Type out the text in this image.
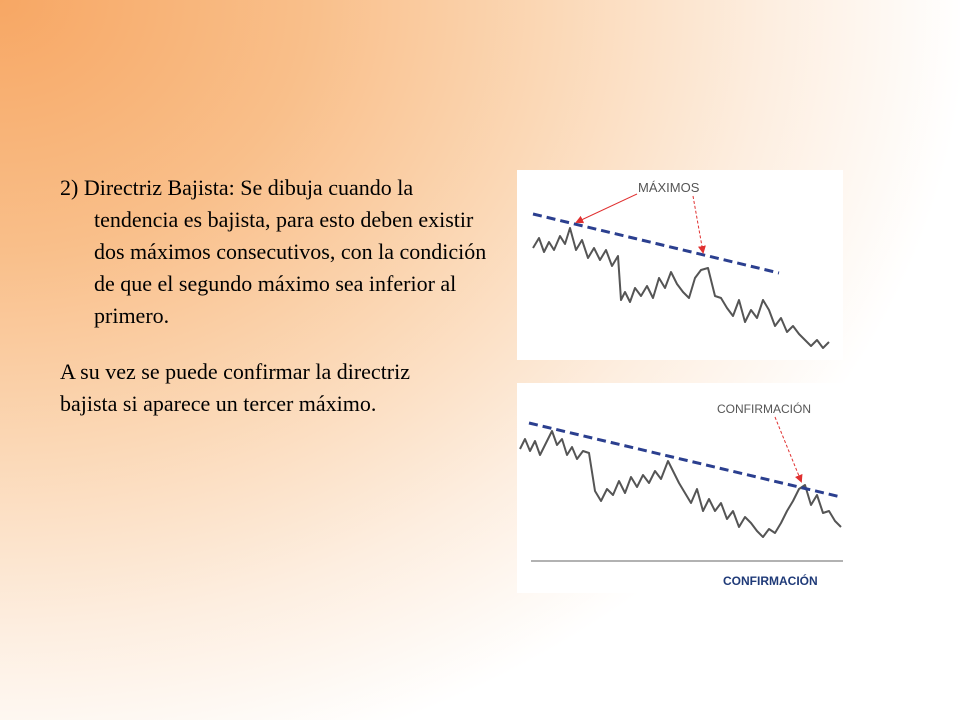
2) Directriz Bajista: Se dibuja cuando la tendencia es bajista, para esto deben existir dos máximos consecutivos, con la condición de que el segundo máximo sea inferior al primero.

A su vez se puede confirmar la directriz bajista si aparece un tercer máximo.

MÁXIMOS
CONFIRMACIÓN
CONFIRMACIÓN
